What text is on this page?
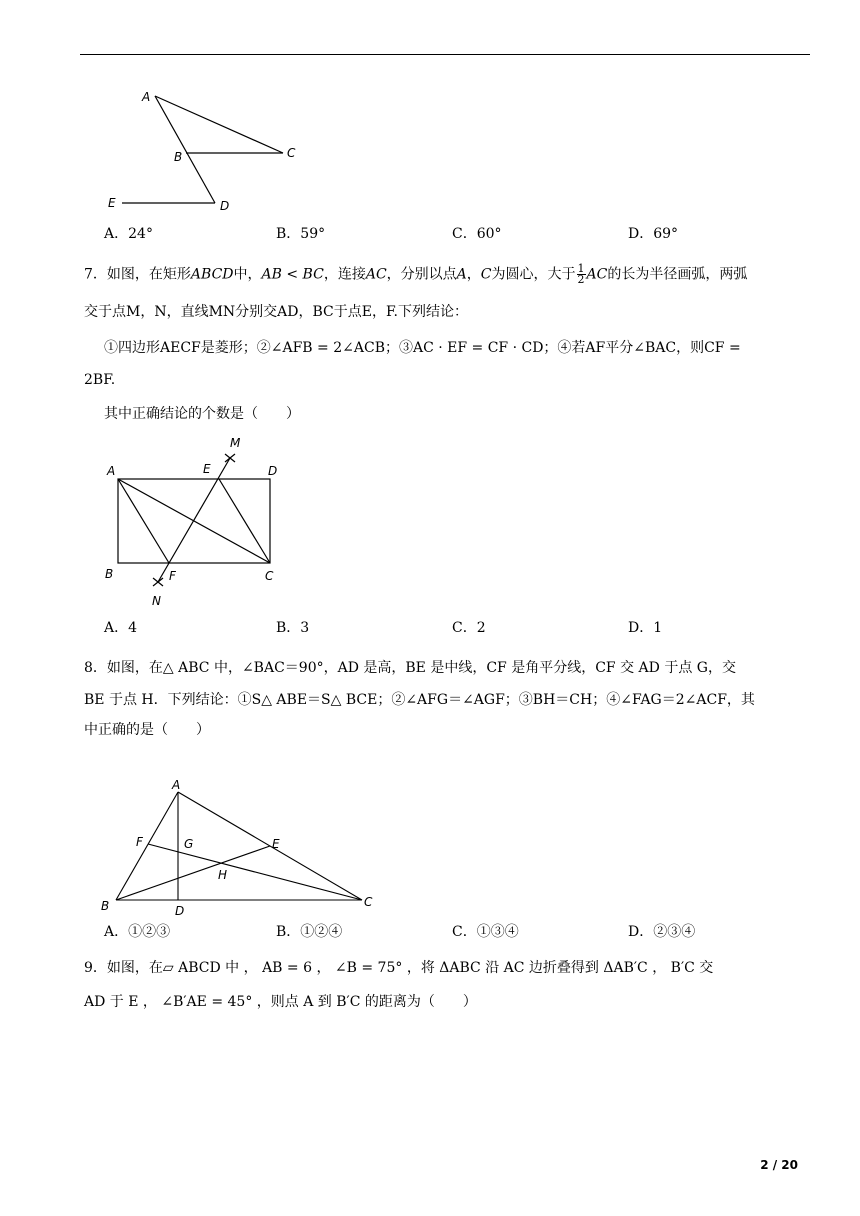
A
B	C
D
E
A．24°	B．59°	C．60°	D．69°
7．如图，在矩形ABCD中，AB < BC，连接AC，分别以点A，C为圆心，大于 $\frac{1}{2}$ AC的长为半径画弧，两弧
交于点M，N，直线MN分别交AD，BC于点E，F.下列结论：
①四边形AECF是菱形；②∠AFB = 2∠ACB；③AC · EF = CF · CD；④若AF平分∠BAC，则CF =
2BF.
其中正确结论的个数是（　　）
A
B	C
D
E
F
M
N
A．4	B．3	C．2	D．1
8．如图，在△ ABC 中，∠BAC＝90°，AD 是高，BE 是中线，CF 是角平分线，CF 交 AD 于点 G，交
BE 于点 H．下列结论：①S△ ABE＝S△ BCE；②∠AFG＝∠AGF；③BH＝CH；④∠FAG＝2∠ACF，其
中正确的是（　　）
A
B	C
D
E
F	G
H
A．①②③	B．①②④	C．①③④	D．②③④
9．如图，在▱ ABCD 中 ， AB = 6 ， ∠B = 75° ，将 ΔABC 沿 AC 边折叠得到 ΔAB′C ， B′C 交
AD 于 E ， ∠B′AE = 45° ，则点 A 到 B′C 的距离为（　　）
2 / 20
